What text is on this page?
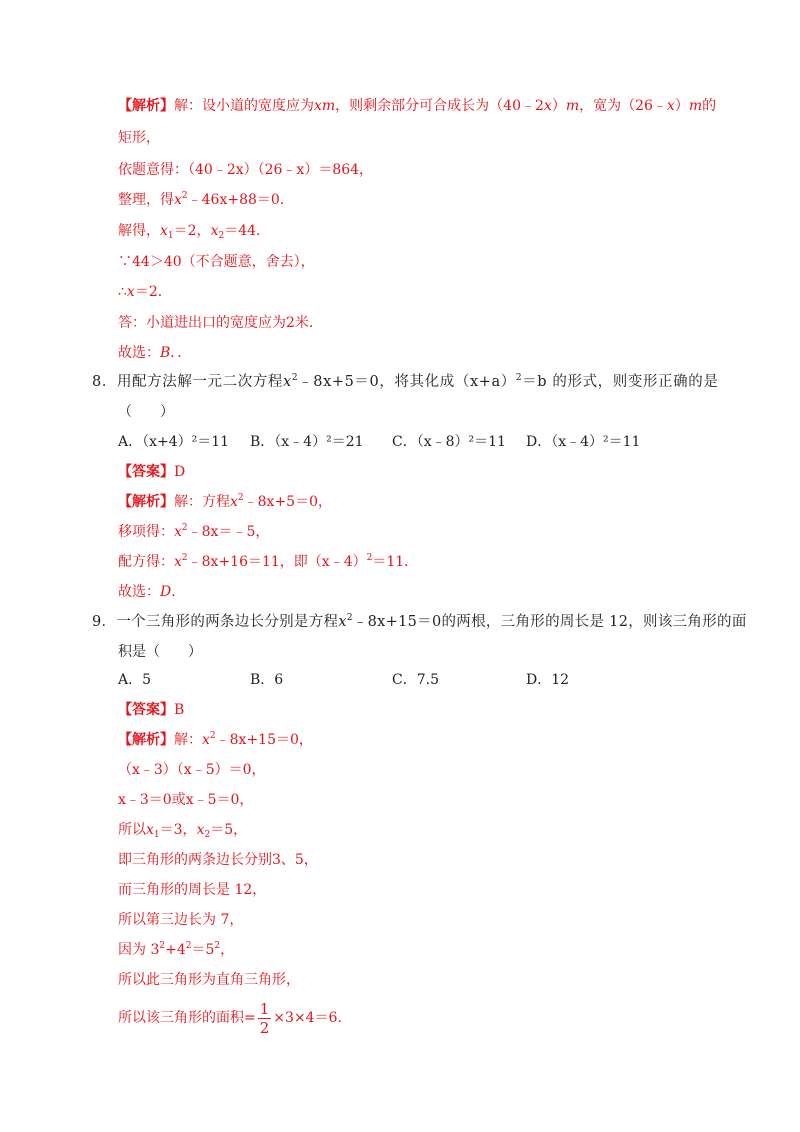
【解析】解：设小道的宽度应为xm，则剩余部分可合成长为（40﹣2x）m，宽为（26﹣x）m的
矩形，
依题意得：（40﹣2x）（26﹣x）＝864，
整理，得$x^2﹣46x+88=0$．
解得，$x_1=2$，$x_2=44$．
∵44＞40（不合题意，舍去），
∴x＝2．
答：小道进出口的宽度应为2米．
故选：B．．
8．用配方法解一元二次方程$x^2﹣8x+5=0$，将其化成$(x+a)^2=b$ 的形式，则变形正确的是
（　　）
A．（x+4）²＝11 B．（x﹣4）²＝21 C．（x﹣8）²＝11 D．（x﹣4）²＝11
【答案】D
【解析】解：方程$x^2﹣8x+5=0$，
移项得：$x^2﹣8x=﹣5$，
配方得：$x^2﹣8x+16=11$，即（x﹣4）$^2$＝11．
故选：D．
9．一个三角形的两条边长分别是方程$x^2﹣8x+15=0$的两根，三角形的周长是 12，则该三角形的面
积是（　　）
A．5	B．6	C．7.5	D．12
【答案】B
【解析】解：$x^2﹣8x+15=0$，
（x﹣3）（x﹣5）＝0，
x﹣3＝0或x﹣5＝0，
所以$x_1=3$，$x_2=5$，
即三角形的两条边长分别3、5，
而三角形的周长是 12，
所以第三边长为 7，
因为 $3^2+4^2=5^2$，
所以此三角形为直角三角形，
所以该三角形的面积= $\frac{1}{2} \times 3\times 4=6$．
